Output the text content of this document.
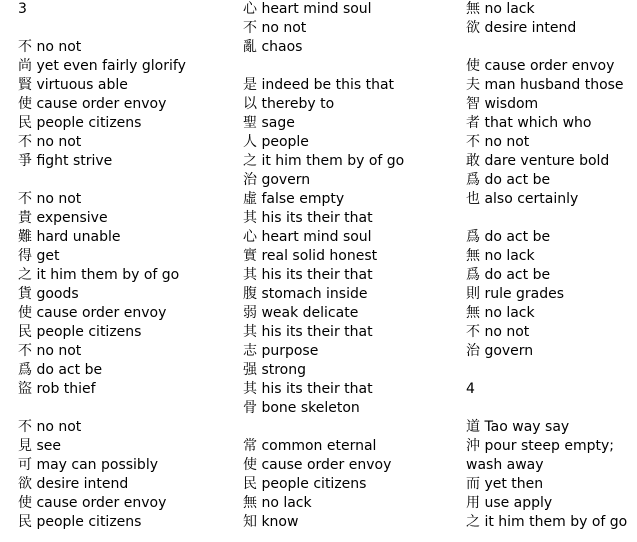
3

不 no not
尚 yet even fairly glorify
賢 virtuous able
使 cause order envoy
民 people citizens
不 no not
爭 fight strive

不 no not
貴 expensive
難 hard unable
得 get
之 it him them by of go
貨 goods
使 cause order envoy
民 people citizens
不 no not
爲 do act be
盜 rob thief

不 no not
見 see
可 may can possibly
欲 desire intend
使 cause order envoy
民 people citizens
心 heart mind soul
不 no not
亂 chaos

是 indeed be this that
以 thereby to
聖 sage
人 people
之 it him them by of go
治 govern
虛 false empty
其 his its their that
心 heart mind soul
實 real solid honest
其 his its their that
腹 stomach inside
弱 weak delicate
其 his its their that
志 purpose
强 strong
其 his its their that
骨 bone skeleton

常 common eternal
使 cause order envoy
民 people citizens
無 no lack
知 know
無 no lack
欲 desire intend

使 cause order envoy
夫 man husband those
智 wisdom
者 that which who
不 no not
敢 dare venture bold
爲 do act be
也 also certainly

爲 do act be
無 no lack
爲 do act be
則 rule grades
無 no lack
不 no not
治 govern

4

道 Tao way say
沖 pour steep empty;
wash away
而 yet then
用 use apply
之 it him them by of go
